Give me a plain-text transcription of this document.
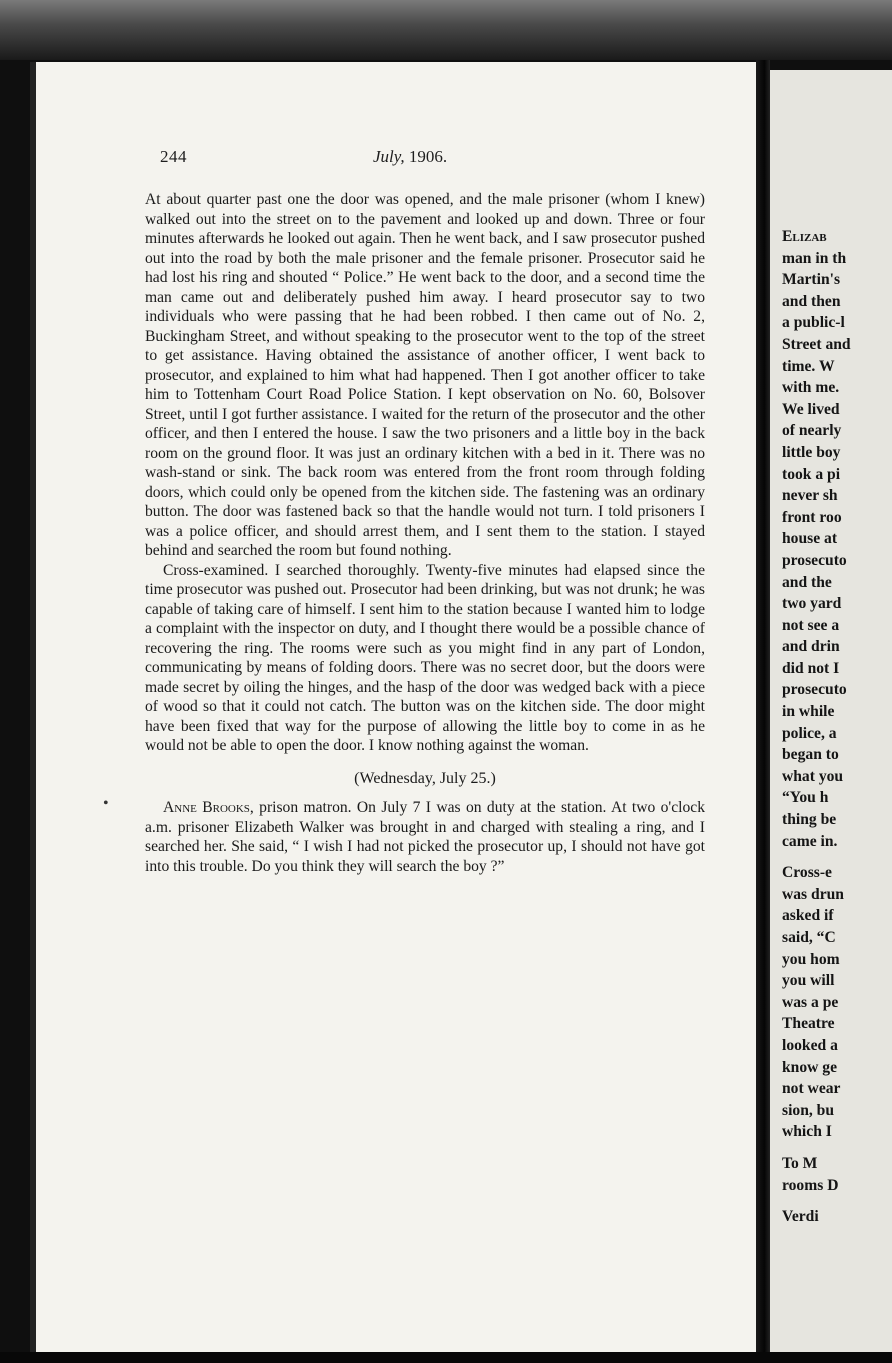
Elizab
man in th
Martin's
and then
a public-l
Street and
time. W
with me.
We lived
of nearly
little boy
took a pi
never sh
front roo
house at
prosecuto
and the
two yard
not see a
and drin
did not I
prosecuto
in while
police, a
began to
what you
“You h
thing be
came in.
Cross-e
was drun
asked if
said, “C
you hom
you will
was a pe
Theatre
looked a
know ge
not wear
sion, bu
which I
To M
rooms D
Verdi
244	July, 1906.

At about quarter past one the door was opened, and the male prisoner (whom I knew) walked out into the street on to the pavement and looked up and down. Three or four minutes afterwards he looked out again. Then he went back, and I saw prosecutor pushed out into the road by both the male prisoner and the female prisoner. Prosecutor said he had lost his ring and shouted “ Police.” He went back to the door, and a second time the man came out and deliberately pushed him away. I heard prosecutor say to two individuals who were passing that he had been robbed. I then came out of No. 2, Buckingham Street, and without speaking to the prosecutor went to the top of the street to get assistance. Having obtained the assistance of another officer, I went back to prosecutor, and explained to him what had happened. Then I got another officer to take him to Tottenham Court Road Police Station. I kept observation on No. 60, Bolsover Street, until I got further assistance. I waited for the return of the prosecutor and the other officer, and then I entered the house. I saw the two prisoners and a little boy in the back room on the ground floor. It was just an ordinary kitchen with a bed in it. There was no wash-stand or sink. The back room was entered from the front room through folding doors, which could only be opened from the kitchen side. The fastening was an ordinary button. The door was fastened back so that the handle would not turn. I told prisoners I was a police officer, and should arrest them, and I sent them to the station. I stayed behind and searched the room but found nothing.

Cross-examined. I searched thoroughly. Twenty-five minutes had elapsed since the time prosecutor was pushed out. Prosecutor had been drinking, but was not drunk; he was capable of taking care of himself. I sent him to the station because I wanted him to lodge a complaint with the inspector on duty, and I thought there would be a possible chance of recovering the ring. The rooms were such as you might find in any part of London, communicating by means of folding doors. There was no secret door, but the doors were made secret by oiling the hinges, and the hasp of the door was wedged back with a piece of wood so that it could not catch. The button was on the kitchen side. The door might have been fixed that way for the purpose of allowing the little boy to come in as he would not be able to open the door. I know nothing against the woman.

(Wednesday, July 25.)

Anne Brooks, prison matron. On July 7 I was on duty at the station. At two o'clock a.m. prisoner Elizabeth Walker was brought in and charged with stealing a ring, and I searched her. She said, “ I wish I had not picked the prosecutor up, I should not have got into this trouble. Do you think they will search the boy ?”

•
